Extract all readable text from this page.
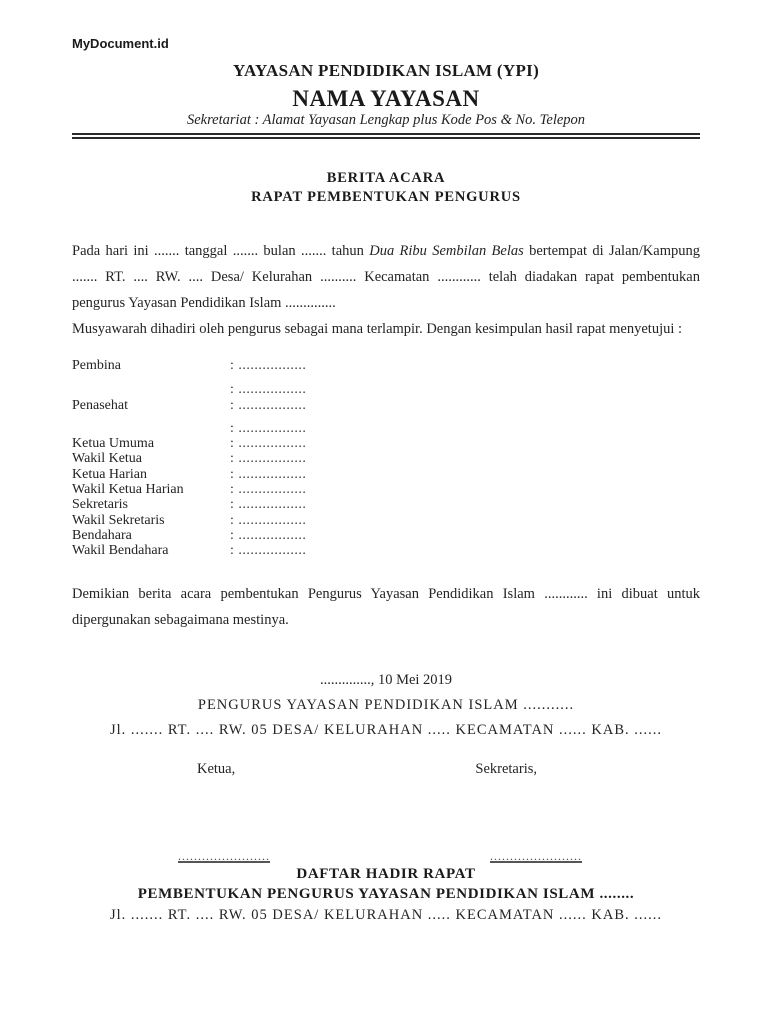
MyDocument.id
YAYASAN PENDIDIKAN ISLAM (YPI)
NAMA YAYASAN
Sekretariat : Alamat Yayasan Lengkap plus Kode Pos & No. Telepon
BERITA ACARA
RAPAT PEMBENTUKAN PENGURUS

Pada hari ini ....... tanggal ....... bulan ....... tahun Dua Ribu Sembilan Belas bertempat di Jalan/Kampung ....... RT. .... RW. .... Desa/ Kelurahan .......... Kecamatan ............ telah diadakan rapat pembentukan pengurus Yayasan Pendidikan Islam ..............

Musyawarah dihadiri oleh pengurus sebagai mana terlampir. Dengan kesimpulan hasil rapat menyetujui :

Pembina	: .................
: .................
Penasehat	: .................
: .................
Ketua Umuma	: .................
Wakil Ketua	: .................
Ketua Harian	: .................
Wakil Ketua Harian	: .................
Sekretaris	: .................
Wakil Sekretaris	: .................
Bendahara	: .................
Wakil Bendahara	: .................

Demikian berita acara pembentukan Pengurus Yayasan Pendidikan Islam ............ ini dibuat untuk dipergunakan sebagaimana mestinya.

.............., 10 Mei 2019
PENGURUS YAYASAN PENDIDIKAN ISLAM ...........
Jl. ....... RT. .... RW. 05 DESA/ KELURAHAN ..... KECAMATAN ...... KAB. ......
Ketua,	Sekretaris,
.......................	.......................
DAFTAR HADIR RAPAT
PEMBENTUKAN PENGURUS YAYASAN PENDIDIKAN ISLAM ........
Jl. ....... RT. .... RW. 05 DESA/ KELURAHAN ..... KECAMATAN ...... KAB. ......
